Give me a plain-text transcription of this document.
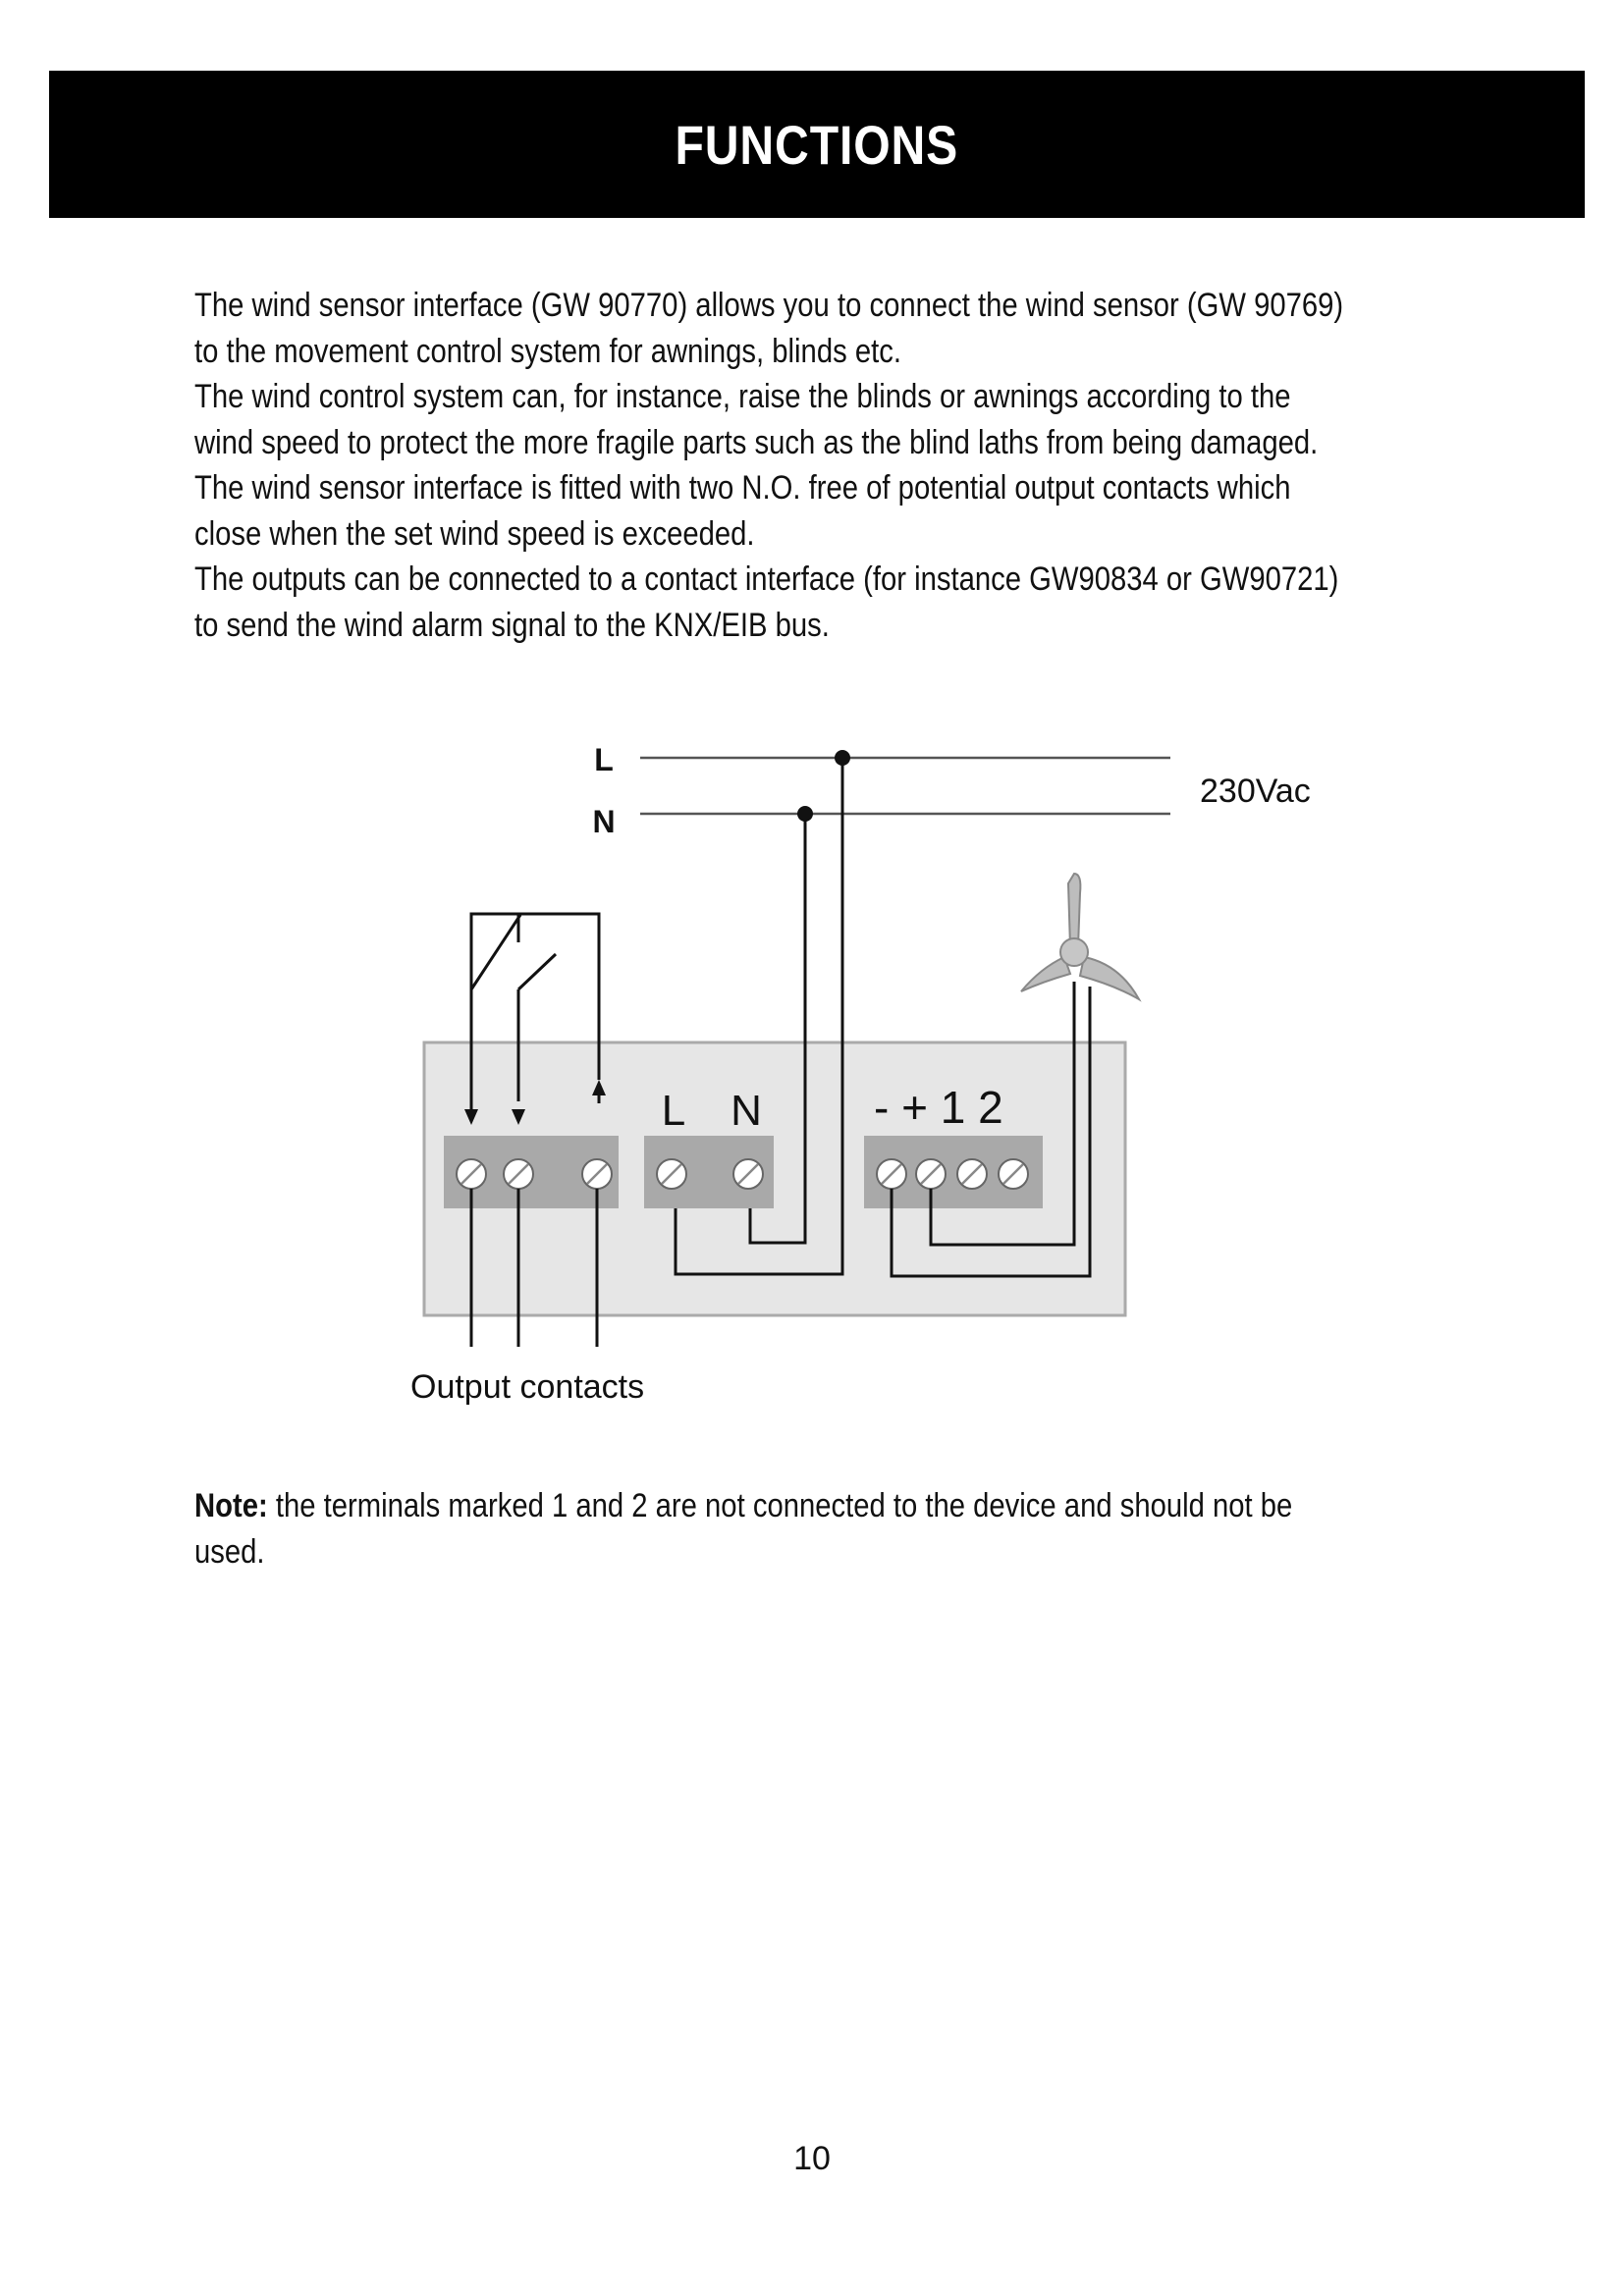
FUNCTIONS

The wind sensor interface (GW 90770) allows you to connect the wind sensor (GW 90769)

to the movement control system for awnings, blinds etc.

The wind control system can, for instance, raise the blinds or awnings according to the

wind speed to protect the more fragile parts such as the blind laths from being damaged.

The wind sensor interface is fitted with two N.O. free of potential output contacts which

close when the set wind speed is exceeded.

The outputs can be connected to a contact interface (for instance GW90834 or GW90721)

to send the wind alarm signal to the KNX/EIB bus.

L
N
230Vac
L N - + 1 2
Output contacts

Note: the terminals marked 1 and 2 are not connected to the device and should not be

used.

10
